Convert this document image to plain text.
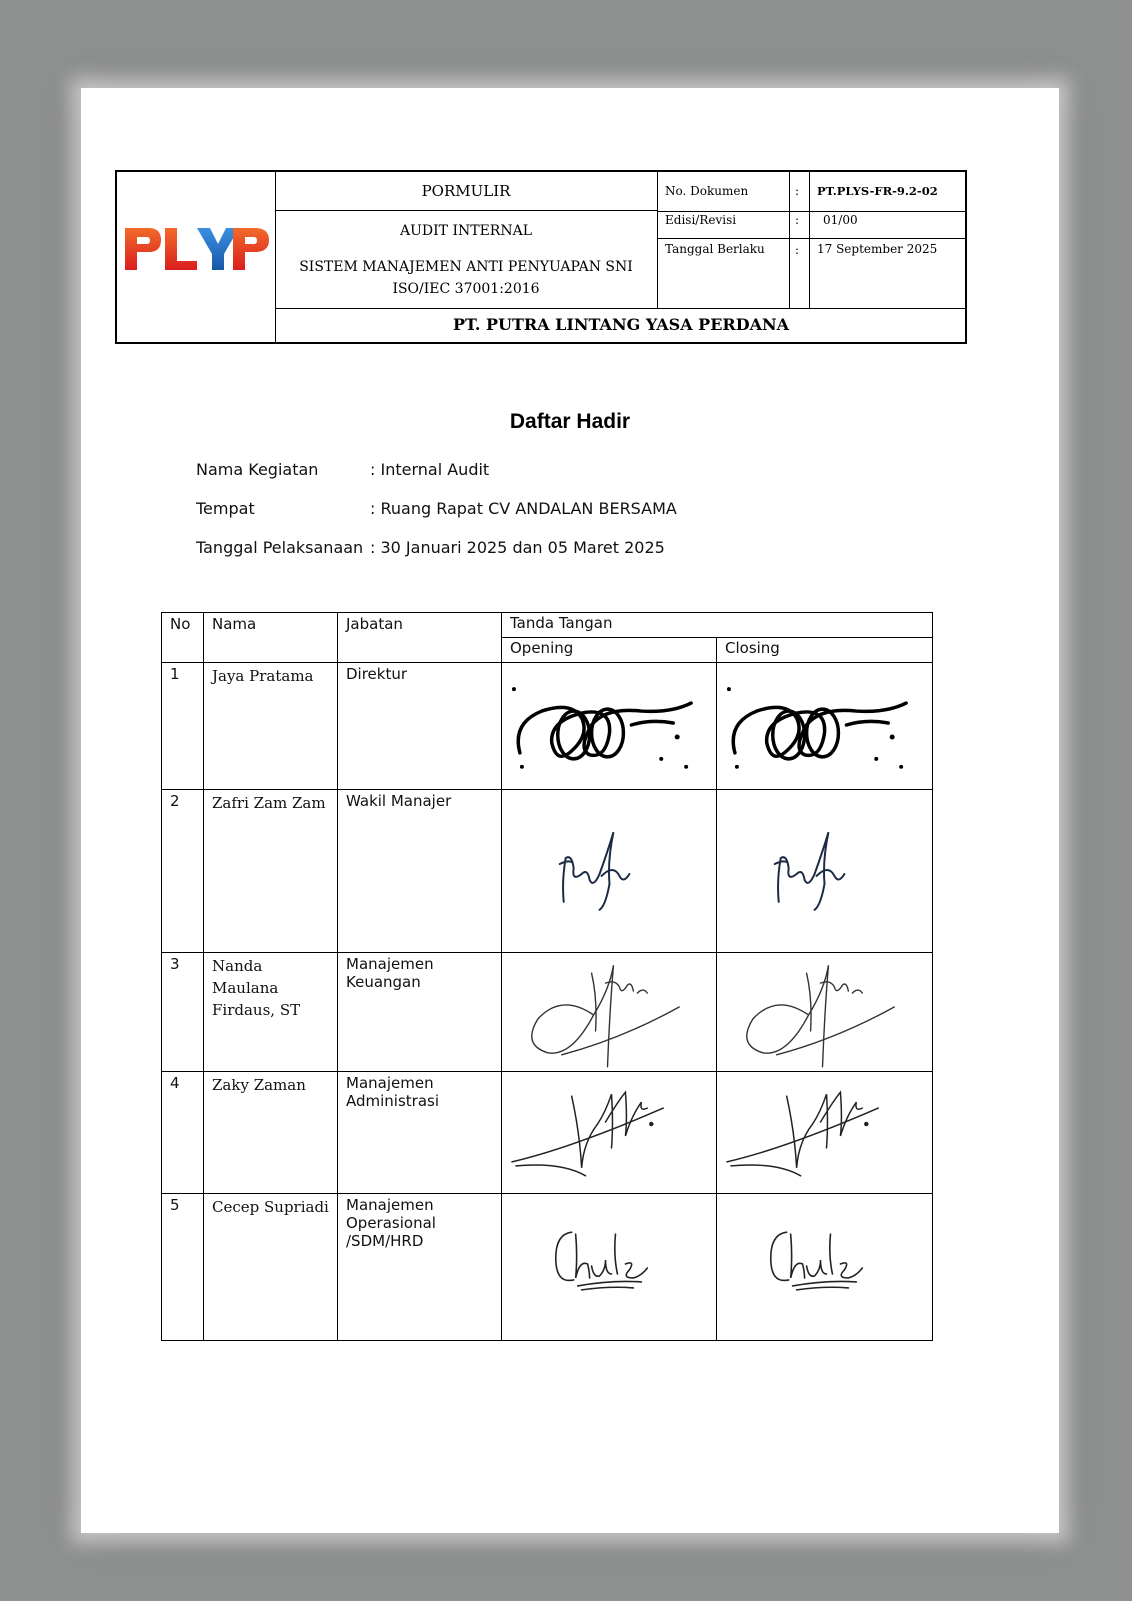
PORMULIR
AUDIT INTERNAL
SISTEM MANAJEMEN ANTI PENYUAPAN SNI ISO/IEC 37001:2016
PT. PUTRA LINTANG YASA PERDANA
No. Dokumen	: PT.PLYS-FR-9.2-02
Edisi/Revisi	: 01/00
Tanggal Berlaku	: 17 September 2025
Daftar Hadir
Nama Kegiatan	: Internal Audit
Tempat	: Ruang Rapat CV ANDALAN BERSAMA
Tanggal Pelaksanaan : 30 Januari 2025 dan 05 Maret 2025
No	Nama	Jabatan	Tanda Tangan	
			Opening	Closing
1	Jaya Pratama	Direktur	

2	Zafri Zam Zam	Wakil Manajer	

3	Nanda Maulana Firdaus, ST	Manajemen Keuangan	

4	Zaky Zaman	Manajemen Administrasi	

5	Cecep Supriadi	Manajemen Operasional /SDM/HRD	
